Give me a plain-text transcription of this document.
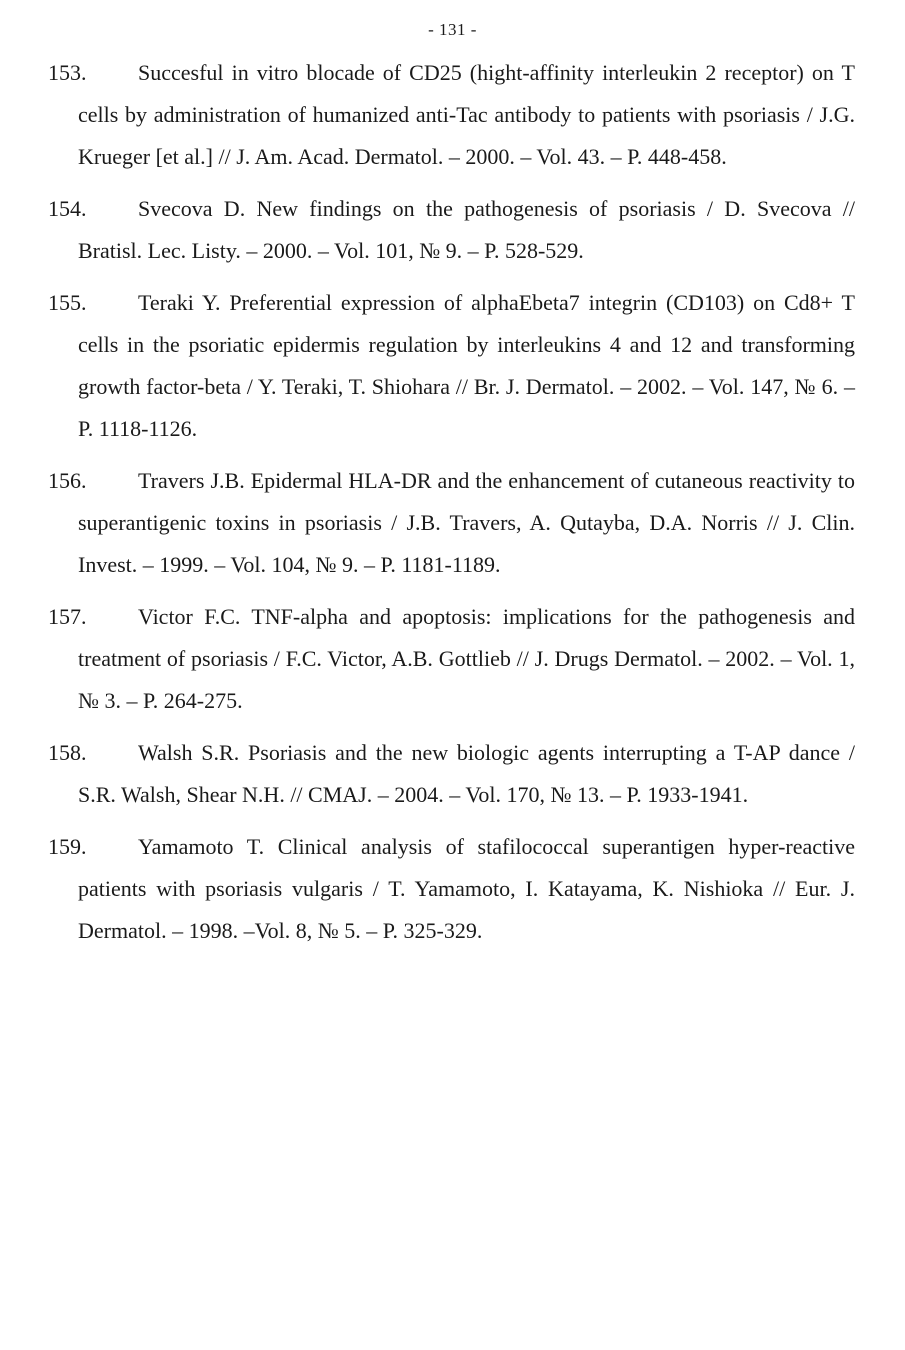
- 131 -
153. Succesful in vitro blocade of CD25 (hight-affinity interleukin 2 receptor) on T cells by administration of humanized anti-Tac antibody to patients with psoriasis / J.G. Krueger [et al.] // J. Am. Acad. Dermatol. – 2000. – Vol. 43. – P. 448-458.
154. Svecova D. New findings on the pathogenesis of psoriasis / D. Svecova // Bratisl. Lec. Listy. – 2000. – Vol. 101, № 9. – P. 528-529.
155. Teraki Y. Preferential expression of alphaEbeta7 integrin (CD103) on Cd8+ T cells in the psoriatic epidermis regulation by interleukins 4 and 12 and transforming growth factor-beta / Y. Teraki, T. Shiohara // Br. J. Dermatol. – 2002. – Vol. 147, № 6. – P. 1118-1126.
156. Travers J.B. Epidermal HLA-DR and the enhancement of cutaneous reactivity to superantigenic toxins in psoriasis / J.B. Travers, A. Qutayba, D.A. Norris // J. Clin. Invest. – 1999. – Vol. 104, № 9. – P. 1181-1189.
157. Victor F.C. TNF-alpha and apoptosis: implications for the pathogenesis and treatment of psoriasis / F.C. Victor, A.B. Gottlieb // J. Drugs Dermatol. – 2002. – Vol. 1, № 3. – P. 264-275.
158. Walsh S.R. Psoriasis and the new biologic agents interrupting a T-AP dance / S.R. Walsh, Shear N.H. // CMAJ. – 2004. – Vol. 170, № 13. – P. 1933-1941.
159. Yamamoto T. Clinical analysis of stafilococcal superantigen hyper-reactive patients with psoriasis vulgaris / T. Yamamoto, I. Katayama, K. Nishioka // Eur. J. Dermatol. – 1998. –Vol. 8, № 5. – P. 325-329.
